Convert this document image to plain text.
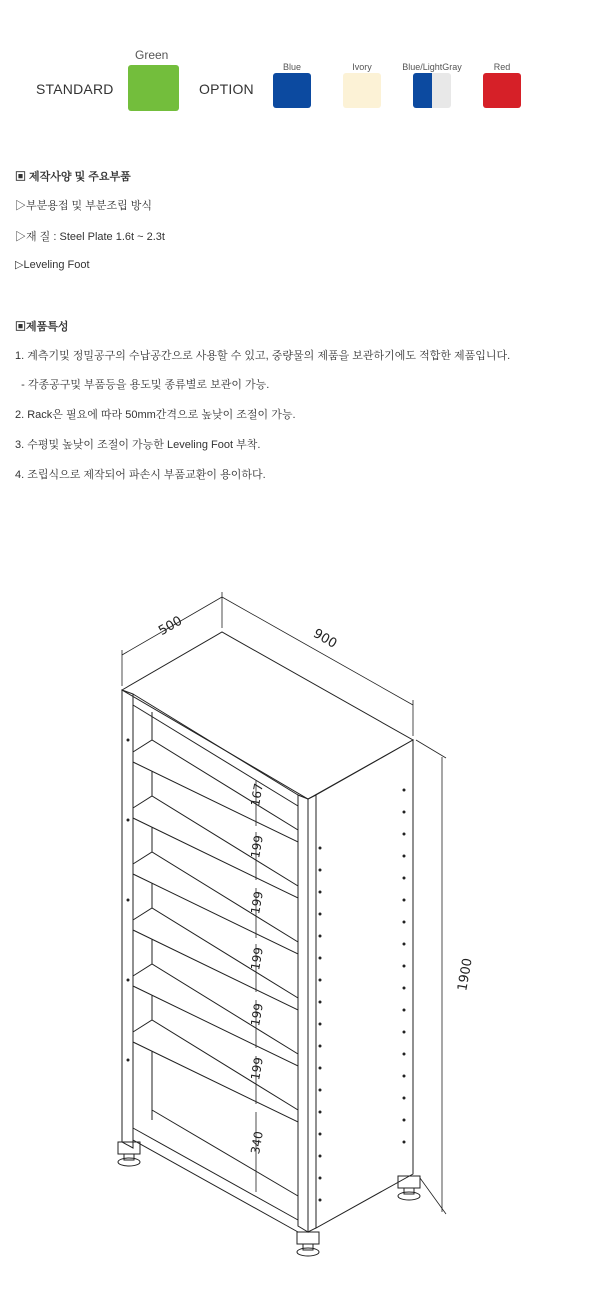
STANDARD
Green
OPTION
Blue	Ivory	Blue/LightGray	Red
▣ 제작사양 및 주요부품
▷부분용접 및 부분조립 방식
▷재 질 : Steel Plate 1.6t ~ 2.3t
▷Leveling Foot
▣제품특성
1. 계측기및 정밀공구의 수납공간으로 사용할 수 있고, 중량물의 제품을 보관하기에도 적합한 제품입니다.
- 각종공구및 부품등을 용도및 종류별로 보관이 가능.
2. Rack은 필요에 따라 50mm간격으로 높낮이 조절이 가능.
3. 수평및 높낮이 조절이 가능한 Leveling Foot 부착.
4. 조립식으로 제작되어 파손시 부품교환이 용이하다.
500
900
1900
167
199
199
199
199
199
340
